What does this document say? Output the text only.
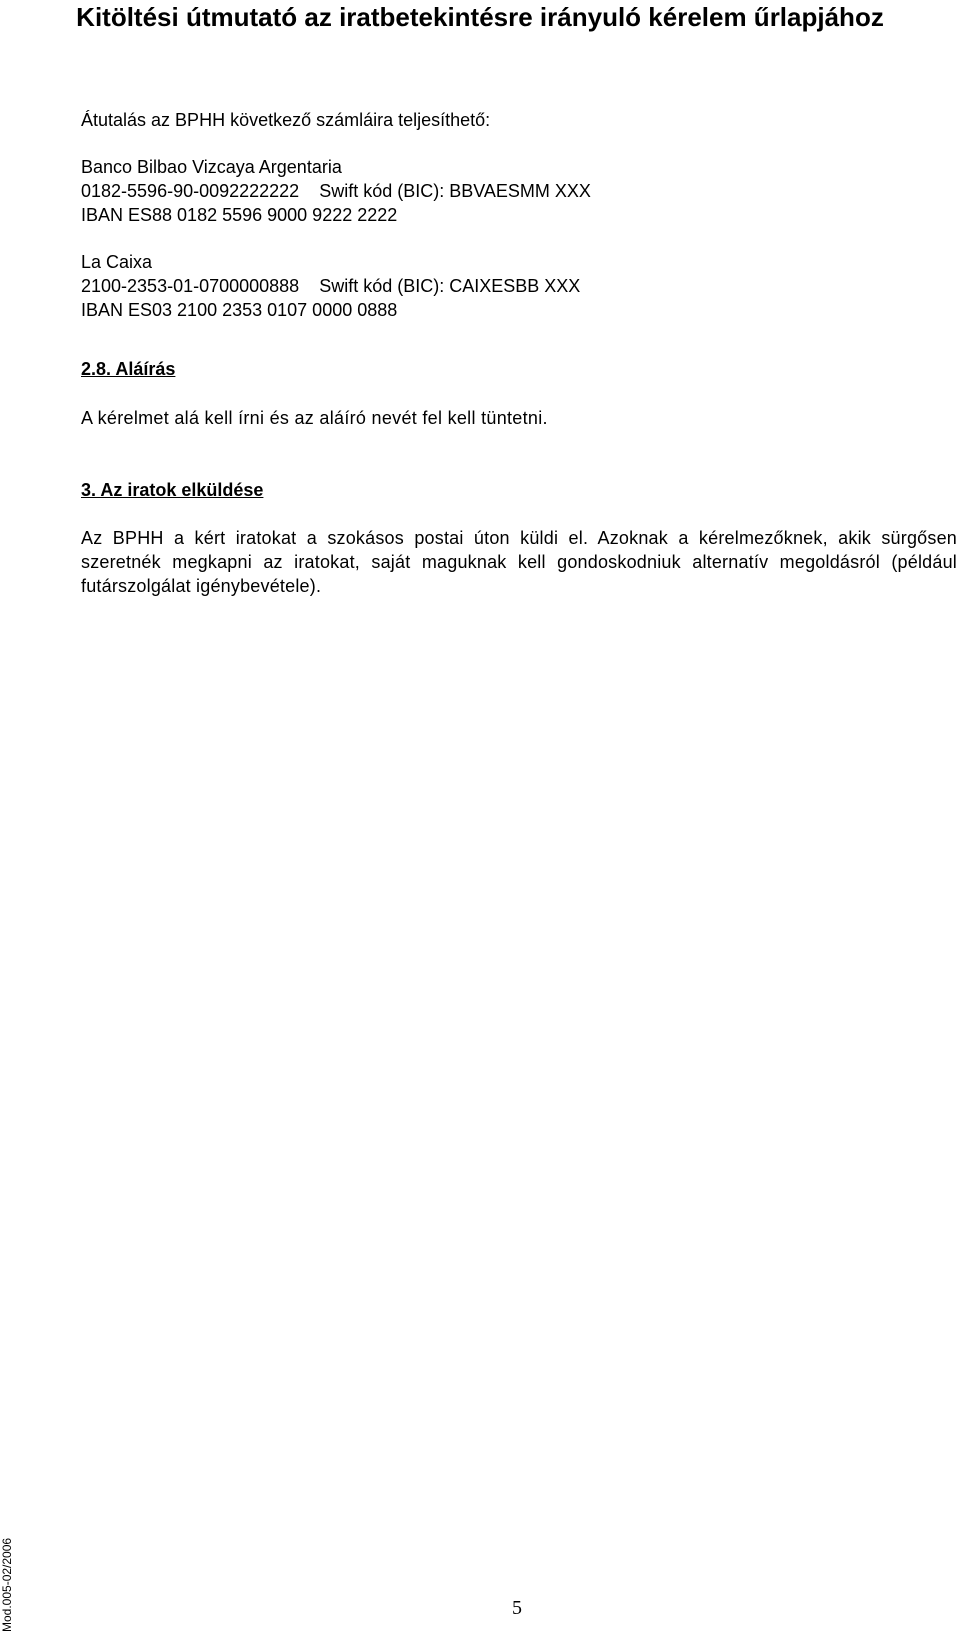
Kitöltési útmutató az iratbetekintésre irányuló kérelem űrlapjához

Átutalás az BPHH következő számláira teljesíthető:

Banco Bilbao Vizcaya Argentaria
0182-5596-90-0092222222 Swift kód (BIC): BBVAESMM XXX
IBAN ES88 0182 5596 9000 9222 2222
La Caixa
2100-2353-01-0700000888 Swift kód (BIC): CAIXESBB XXX
IBAN ES03 2100 2353 0107 0000 0888
2.8. Aláírás

A kérelmet alá kell írni és az aláíró nevét fel kell tüntetni.

3. Az iratok elküldése

Az BPHH a kért iratokat a szokásos postai úton küldi el. Azoknak a kérelmezőknek, akik sürgősen szeretnék megkapni az iratokat, saját maguknak kell gondoskodniuk alternatív megoldásról (például futárszolgálat igénybevétele).

Mod.005-02/2006	5
